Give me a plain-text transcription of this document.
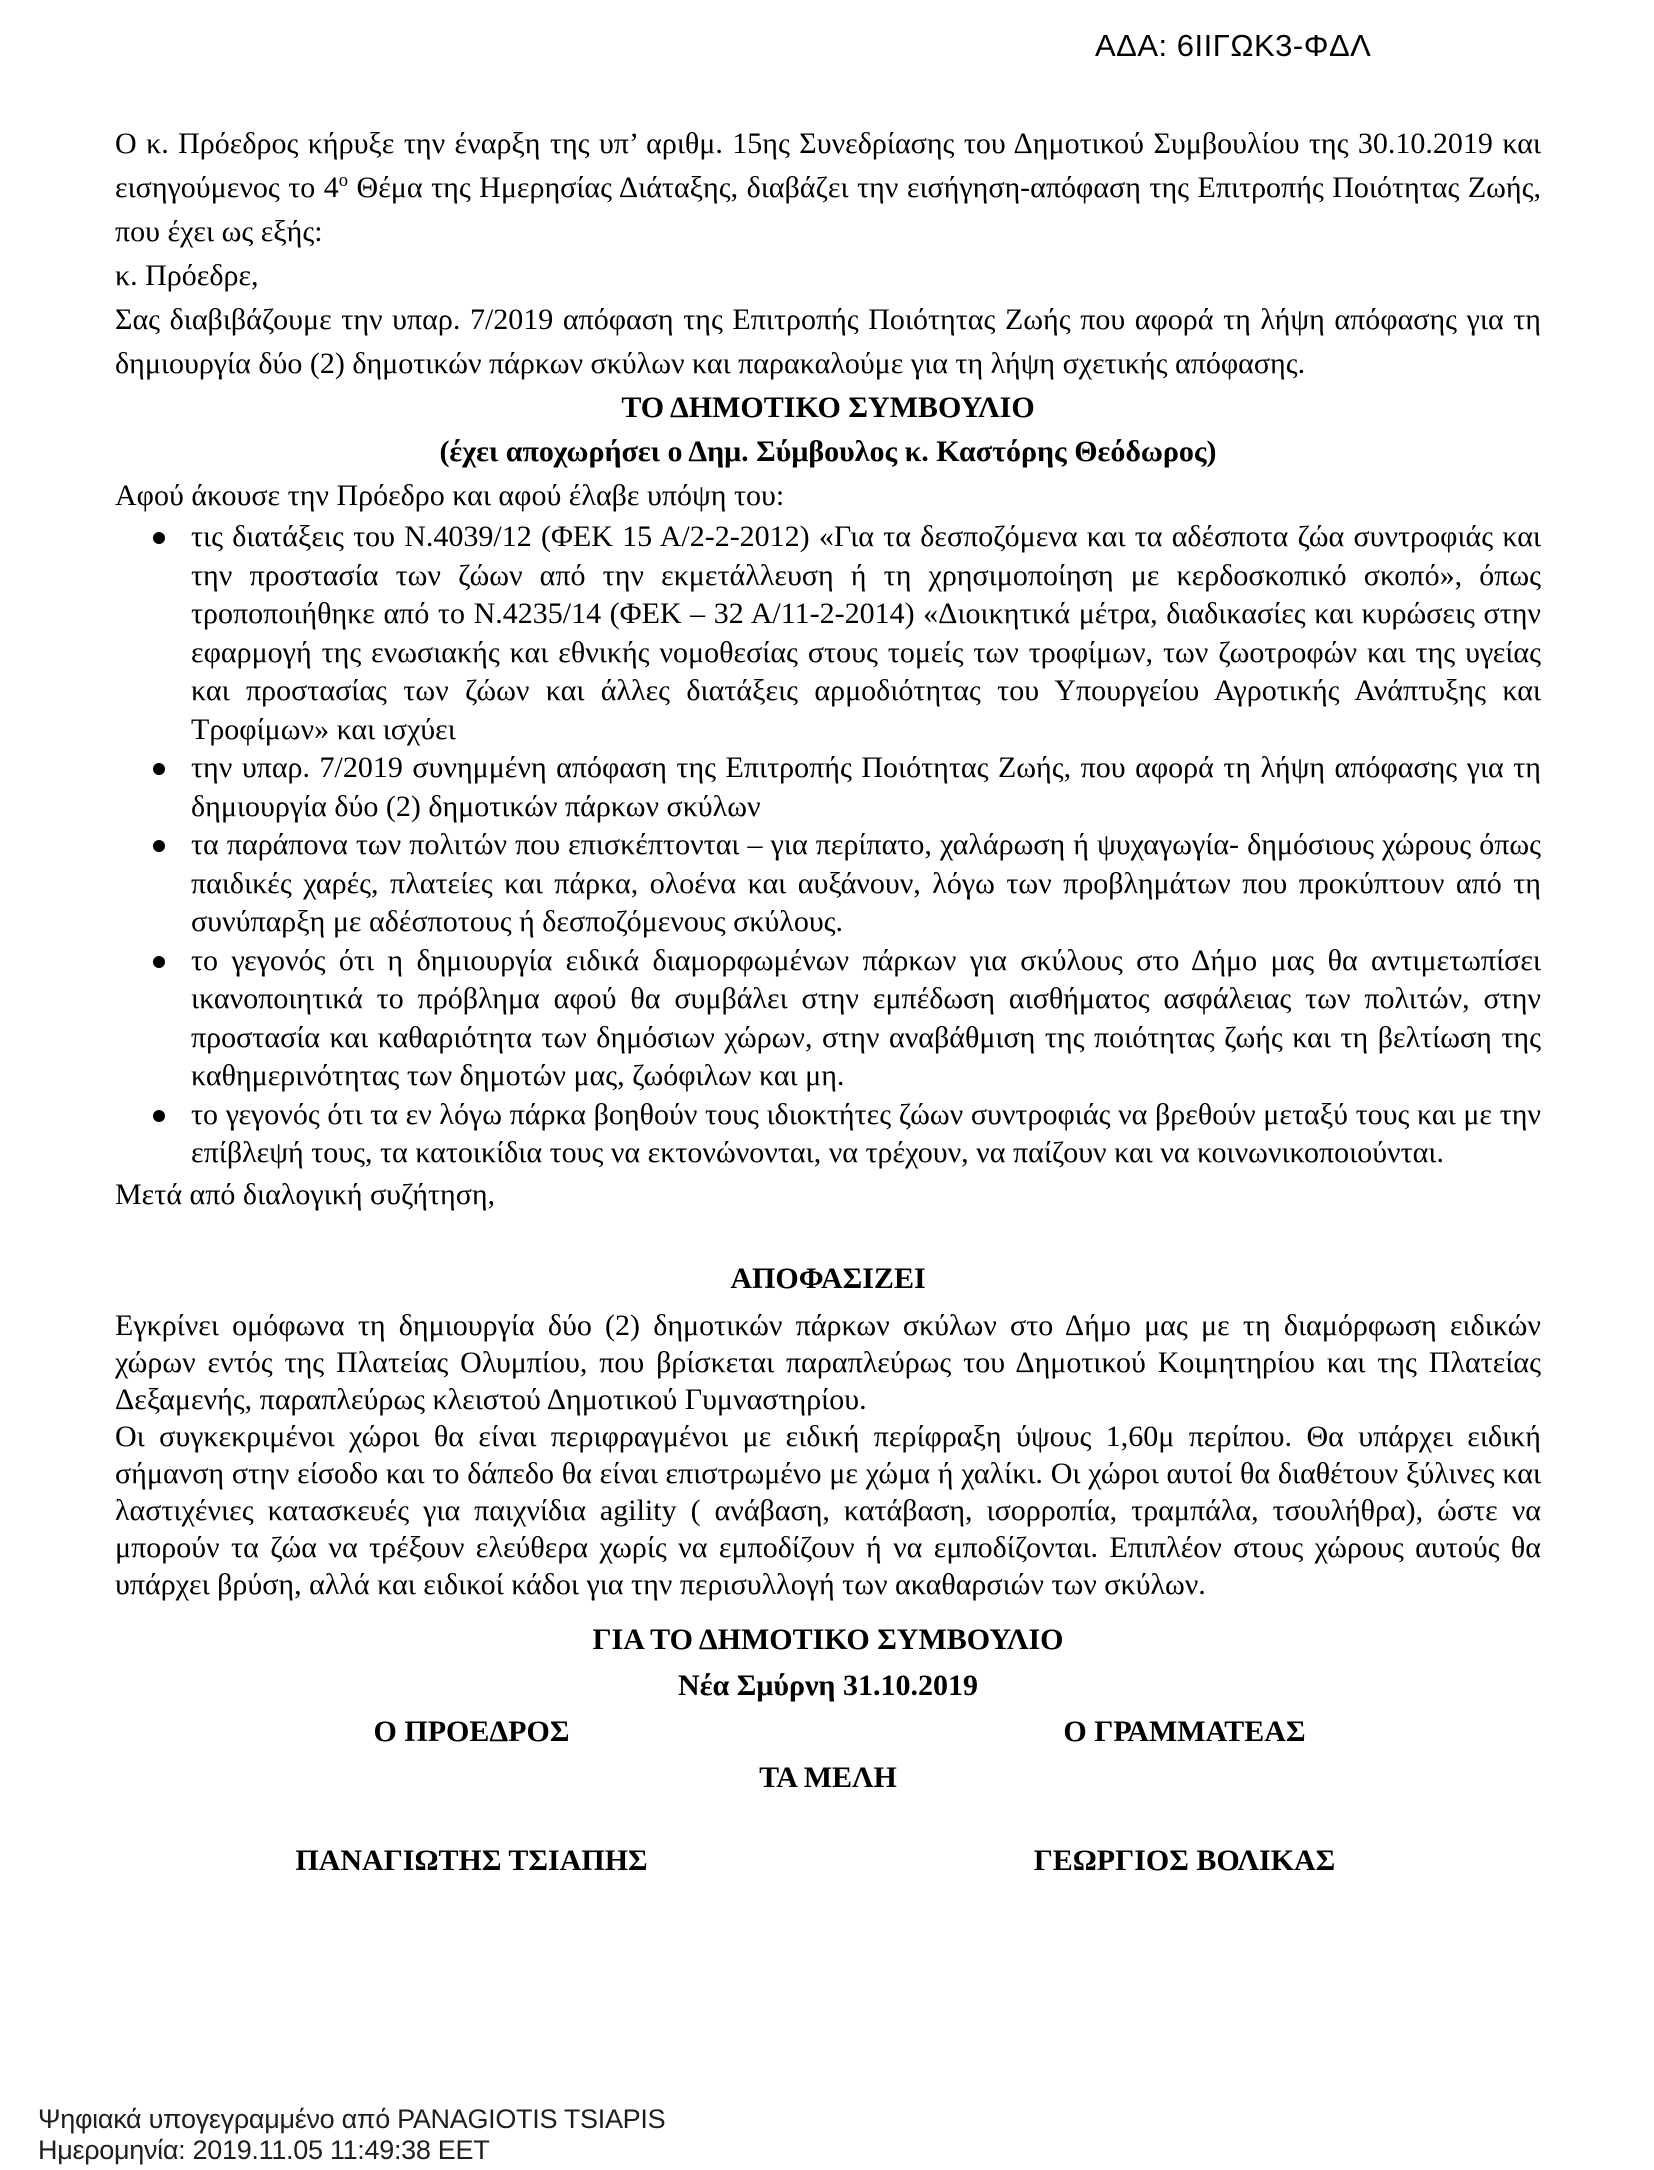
ΑΔΑ: 6ΙΙΓΩΚ3-ΦΔΛ

Ο κ. Πρόεδρος κήρυξε την έναρξη της υπ’ αριθμ. 15ης Συνεδρίασης του Δημοτικού Συμβουλίου της 30.10.2019 και εισηγούμενος το $4^o$ Θέμα της Ημερησίας Διάταξης, διαβάζει την εισήγηση-απόφαση της Επιτροπής Ποιότητας Ζωής, που έχει ως εξής:

κ. Πρόεδρε,

Σας διαβιβάζουμε την υπαρ. 7/2019 απόφαση της Επιτροπής Ποιότητας Ζωής που αφορά τη λήψη απόφασης για τη δημιουργία δύο (2) δημοτικών πάρκων σκύλων και παρακαλούμε για τη λήψη σχετικής απόφασης.

ΤΟ ΔΗΜΟΤΙΚΟ ΣΥΜΒΟΥΛΙΟ

(έχει αποχωρήσει ο Δημ. Σύμβουλος κ. Καστόρης Θεόδωρος)

Αφού άκουσε την Πρόεδρο και αφού έλαβε υπόψη του:

τις διατάξεις του Ν.4039/12 (ΦΕΚ 15 Α/2-2-2012) «Για τα δεσποζόμενα και τα αδέσποτα ζώα συντροφιάς και την προστασία των ζώων από την εκμετάλλευση ή τη χρησιμοποίηση με κερδοσκοπικό σκοπό», όπως τροποποιήθηκε από το Ν.4235/14 (ΦΕΚ – 32 Α/11-2-2014) «Διοικητικά μέτρα, διαδικασίες και κυρώσεις στην εφαρμογή της ενωσιακής και εθνικής νομοθεσίας στους τομείς των τροφίμων, των ζωοτροφών και της υγείας και προστασίας των ζώων και άλλες διατάξεις αρμοδιότητας του Υπουργείου Αγροτικής Ανάπτυξης και Τροφίμων» και ισχύει
την υπαρ. 7/2019 συνημμένη απόφαση της Επιτροπής Ποιότητας Ζωής, που αφορά τη λήψη απόφασης για τη δημιουργία δύο (2) δημοτικών πάρκων σκύλων
τα παράπονα των πολιτών που επισκέπτονται – για περίπατο, χαλάρωση ή ψυχαγωγία- δημόσιους χώρους όπως παιδικές χαρές, πλατείες και πάρκα, ολοένα και αυξάνουν, λόγω των προβλημάτων που προκύπτουν από τη συνύπαρξη με αδέσποτους ή δεσποζόμενους σκύλους.
το γεγονός ότι η δημιουργία ειδικά διαμορφωμένων πάρκων για σκύλους στο Δήμο μας θα αντιμετωπίσει ικανοποιητικά το πρόβλημα αφού θα συμβάλει στην εμπέδωση αισθήματος ασφάλειας των πολιτών, στην προστασία και καθαριότητα των δημόσιων χώρων, στην αναβάθμιση της ποιότητας ζωής και τη βελτίωση της καθημερινότητας των δημοτών μας, ζωόφιλων και μη.
το γεγονός ότι τα εν λόγω πάρκα βοηθούν τους ιδιοκτήτες ζώων συντροφιάς να βρεθούν μεταξύ τους και με την επίβλεψή τους, τα κατοικίδια τους να εκτονώνονται, να τρέχουν, να παίζουν και να κοινωνικοποιούνται.

Μετά από διαλογική συζήτηση,

ΑΠΟΦΑΣΙΖΕΙ

Εγκρίνει ομόφωνα τη δημιουργία δύο (2) δημοτικών πάρκων σκύλων στο Δήμο μας με τη διαμόρφωση ειδικών χώρων εντός της Πλατείας Ολυμπίου, που βρίσκεται παραπλεύρως του Δημοτικού Κοιμητηρίου και της Πλατείας Δεξαμενής, παραπλεύρως κλειστού Δημοτικού Γυμναστηρίου.

Οι συγκεκριμένοι χώροι θα είναι περιφραγμένοι με ειδική περίφραξη ύψους 1,60μ περίπου. Θα υπάρχει ειδική σήμανση στην είσοδο και το δάπεδο θα είναι επιστρωμένο με χώμα ή χαλίκι. Οι χώροι αυτοί θα διαθέτουν ξύλινες και λαστιχένιες κατασκευές για παιχνίδια agility ( ανάβαση, κατάβαση, ισορροπία, τραμπάλα, τσουλήθρα), ώστε να μπορούν τα ζώα να τρέξουν ελεύθερα χωρίς να εμποδίζουν ή να εμποδίζονται. Επιπλέον στους χώρους αυτούς θα υπάρχει βρύση, αλλά και ειδικοί κάδοι για την περισυλλογή των ακαθαρσιών των σκύλων.

ΓΙΑ ΤΟ ΔΗΜΟΤΙΚΟ ΣΥΜΒΟΥΛΙΟ

Νέα Σμύρνη 31.10.2019

Ο ΠΡΟΕΔΡΟΣ	Ο ΓΡΑΜΜΑΤΕΑΣ

ΤΑ ΜΕΛΗ

ΠΑΝΑΓΙΩΤΗΣ ΤΣΙΑΠΗΣ	ΓΕΩΡΓΙΟΣ ΒΟΛΙΚΑΣ
Ψηφιακά υπογεγραμμένο από PANAGIOTIS TSIAPIS
Ημερομηνία: 2019.11.05 11:49:38 EET
